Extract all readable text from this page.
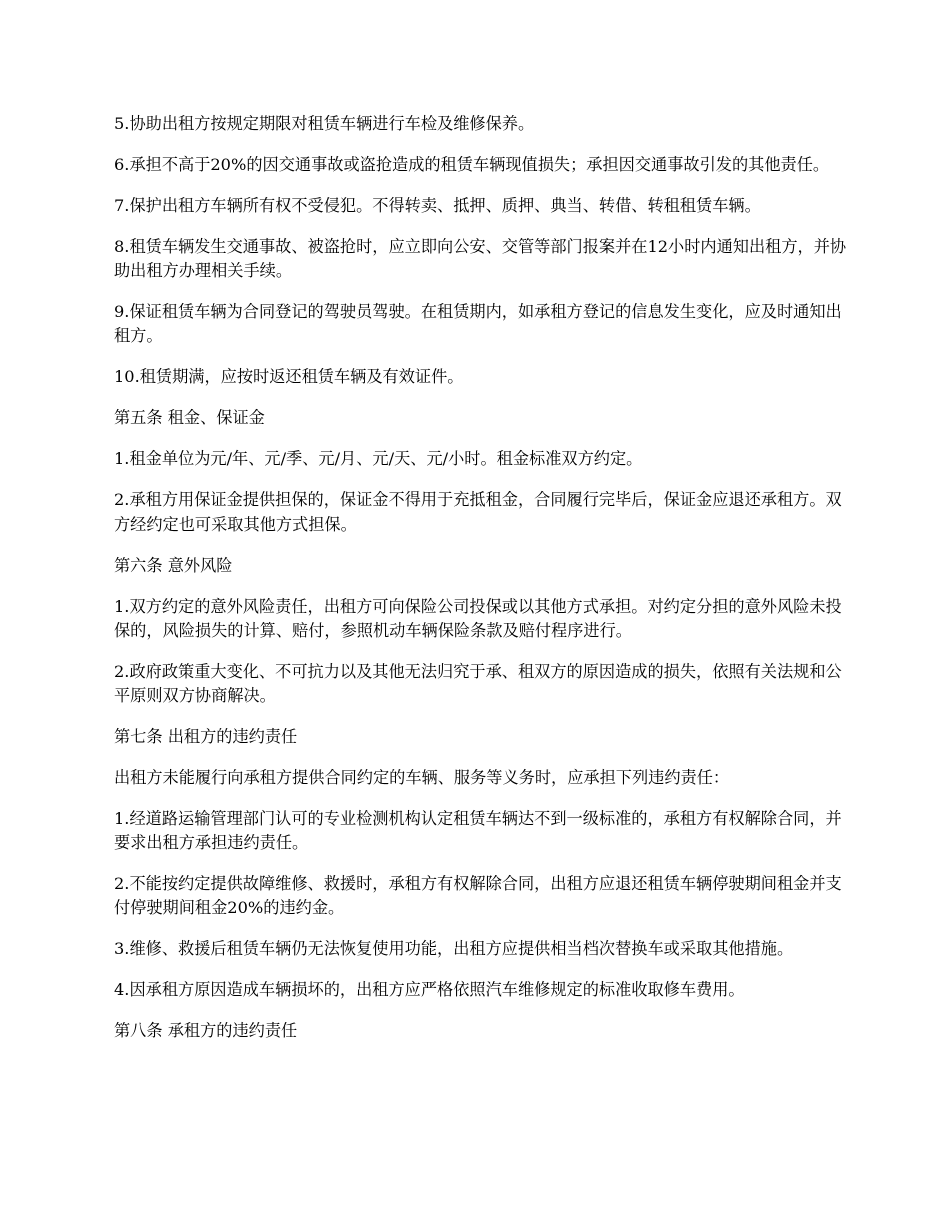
5.协助出租方按规定期限对租赁车辆进行车检及维修保养。

6.承担不高于20%的因交通事故或盗抢造成的租赁车辆现值损失；承担因交通事故引发的其他责任。

7.保护出租方车辆所有权不受侵犯。不得转卖、抵押、质押、典当、转借、转租租赁车辆。

8.租赁车辆发生交通事故、被盗抢时，应立即向公安、交管等部门报案并在12小时内通知出租方，并协助出租方办理相关手续。

9.保证租赁车辆为合同登记的驾驶员驾驶。在租赁期内，如承租方登记的信息发生变化，应及时通知出租方。

10.租赁期满，应按时返还租赁车辆及有效证件。

第五条 租金、保证金

1.租金单位为元/年、元/季、元/月、元/天、元/小时。租金标准双方约定。

2.承租方用保证金提供担保的，保证金不得用于充抵租金，合同履行完毕后，保证金应退还承租方。双方经约定也可采取其他方式担保。

第六条 意外风险

1.双方约定的意外风险责任，出租方可向保险公司投保或以其他方式承担。对约定分担的意外风险未投保的，风险损失的计算、赔付，参照机动车辆保险条款及赔付程序进行。

2.政府政策重大变化、不可抗力以及其他无法归究于承、租双方的原因造成的损失，依照有关法规和公平原则双方协商解决。

第七条 出租方的违约责任

出租方未能履行向承租方提供合同约定的车辆、服务等义务时，应承担下列违约责任：

1.经道路运输管理部门认可的专业检测机构认定租赁车辆达不到一级标准的，承租方有权解除合同，并要求出租方承担违约责任。

2.不能按约定提供故障维修、救援时，承租方有权解除合同，出租方应退还租赁车辆停驶期间租金并支付停驶期间租金20%的违约金。

3.维修、救援后租赁车辆仍无法恢复使用功能，出租方应提供相当档次替换车或采取其他措施。

4.因承租方原因造成车辆损坏的，出租方应严格依照汽车维修规定的标准收取修车费用。

第八条 承租方的违约责任
